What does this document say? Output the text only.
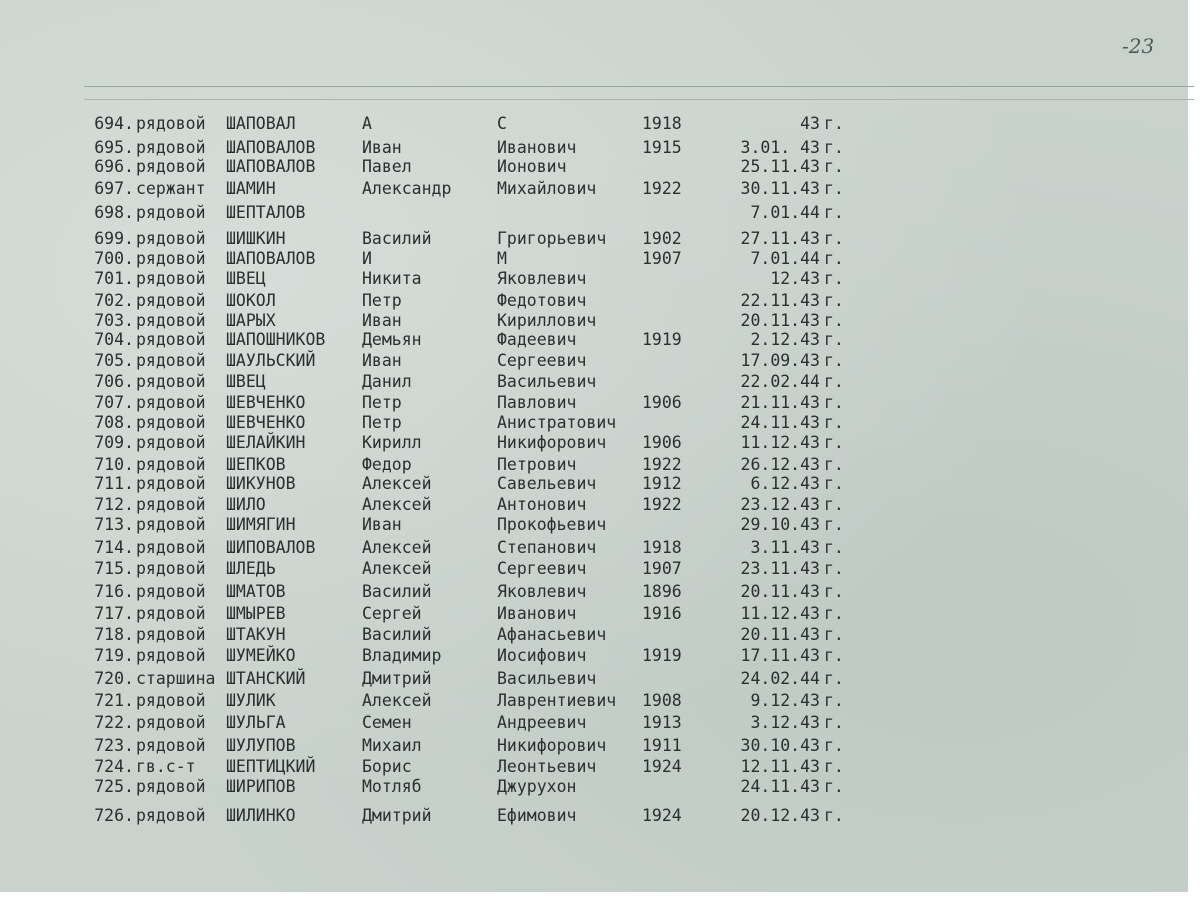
-23
694. рядовой ШАПОВАЛ	А	С	1918	43 г.
695. рядовой ШАПОВАЛОВ	Иван	Иванович	1915	3.01. 43 г.
696. рядовой ШАПОВАЛОВ	Павел	Ионович	25.11.43 г.
697. сержант ШАМИН	Александр	Михайлович	1922	30.11.43 г.
698. рядовой ШЕПТАЛОВ	7.01.44 г.
699. рядовой ШИШКИН	Василий	Григорьевич 1902	27.11.43 г.
700. рядовой ШАПОВАЛОВ	И	М	1907	7.01.44 г.
701. рядовой ШВЕЦ	Никита	Яковлевич	12.43 г.
702. рядовой ШОКОЛ	Петр	Федотович	22.11.43 г.
703. рядовой ШАРЫХ	Иван	Кириллович	20.11.43 г.
704. рядовой ШАПОШНИКОВ Демьян	Фадеевич	1919	2.12.43 г.
705. рядовой ШАУЛЬСКИЙ	Иван	Сергеевич	17.09.43 г.
706. рядовой ШВЕЦ	Данил	Васильевич	22.02.44 г.
707. рядовой ШЕВЧЕНКО	Петр	Павлович	1906	21.11.43 г.
708. рядовой ШЕВЧЕНКО	Петр	Анистратович	24.11.43 г.
709. рядовой ШЕЛАЙКИН	Кирилл	Никифорович 1906	11.12.43 г.
710. рядовой ШЕПКОВ	Федор	Петрович	1922	26.12.43 г.
711. рядовой ШИКУНОВ	Алексей	Савельевич	1912	6.12.43 г.
712. рядовой ШИЛО	Алексей	Антонович	1922	23.12.43 г.
713. рядовой ШИМЯГИН	Иван	Прокофьевич	29.10.43 г.
714. рядовой ШИПОВАЛОВ	Алексей	Степанович	1918	3.11.43 г.
715. рядовой ШЛЕДЬ	Алексей	Сергеевич	1907	23.11.43 г.
716. рядовой ШМАТОВ	Василий	Яковлевич	1896	20.11.43 г.
717. рядовой ШМЫРЕВ	Сергей	Иванович	1916	11.12.43 г.
718. рядовой ШТАКУН	Василий	Афанасьевич	20.11.43 г.
719. рядовой ШУМЕЙКО	Владимир	Иосифович	1919	17.11.43 г.
720. старшина ШТАНСКИЙ	Дмитрий	Васильевич	24.02.44 г.
721. рядовой ШУЛИК	Алексей	Лаврентиевич 1908	9.12.43 г.
722. рядовой ШУЛЬГА	Семен	Андреевич	1913	3.12.43 г.
723. рядовой ШУЛУПОВ	Михаил	Никифорович 1911	30.10.43 г.
724. гв.с-т ШЕПТИЦКИЙ	Борис	Леонтьевич	1924	12.11.43 г.
725. рядовой ШИРИПОВ	Мотляб	Джурухон	24.11.43 г.
726. рядовой ШИЛИНКО	Дмитрий	Ефимович	1924	20.12.43 г.
